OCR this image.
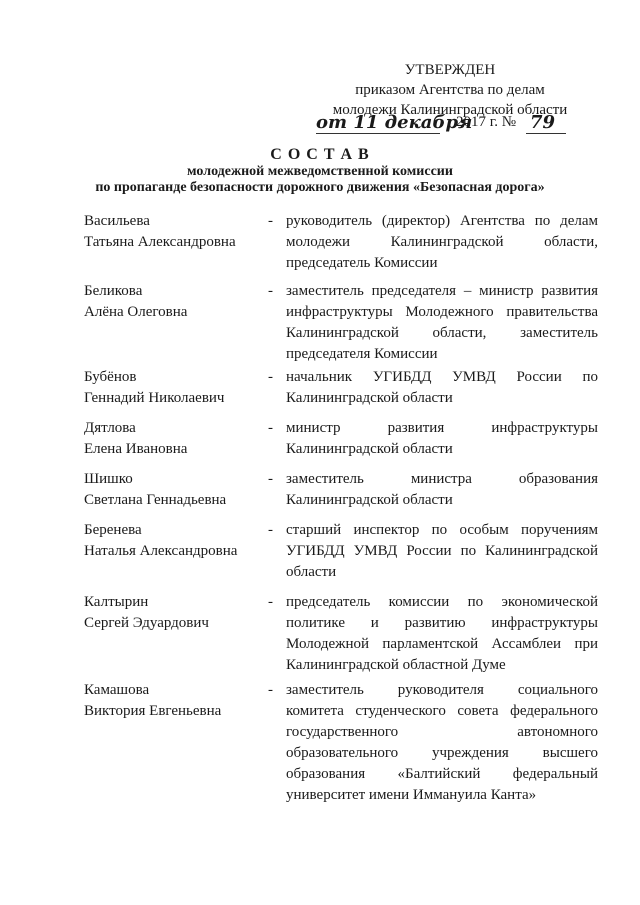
УТВЕРЖДЕН
приказом Агентства по делам
молодежи Калининградской области
от 11 декабря
2017 г. № 79
С О С Т А В
молодежной межведомственной комиссии
по пропаганде безопасности дорожного движения «Безопасная дорога»
Васильева
Татьяна Александровна
- руководитель (директор) Агентства по делам молодежи Калининградской области, председатель Комиссии
Беликова
Алёна Олеговна
- заместитель председателя – министр развития инфраструктуры Молодежного правительства Калининградской области, заместитель председателя Комиссии
Бубёнов
Геннадий Николаевич
- начальник УГИБДД УМВД России по Калининградской области
Дятлова
Елена Ивановна
- министр развития инфраструктуры Калининградской области
Шишко
Светлана Геннадьевна
- заместитель министра образования Калининградской области
Беренева
Наталья Александровна
- старший инспектор по особым поручениям УГИБДД УМВД России по Калининградской области
Калтырин
Сергей Эдуардович
- председатель комиссии по экономической политике и развитию инфраструктуры Молодежной парламентской Ассамблеи при Калининградской областной Думе
Камашова
Виктория Евгеньевна
- заместитель руководителя социального комитета студенческого совета федерального государственного автономного образовательного учреждения высшего образования «Балтийский федеральный университет имени Иммануила Канта»
